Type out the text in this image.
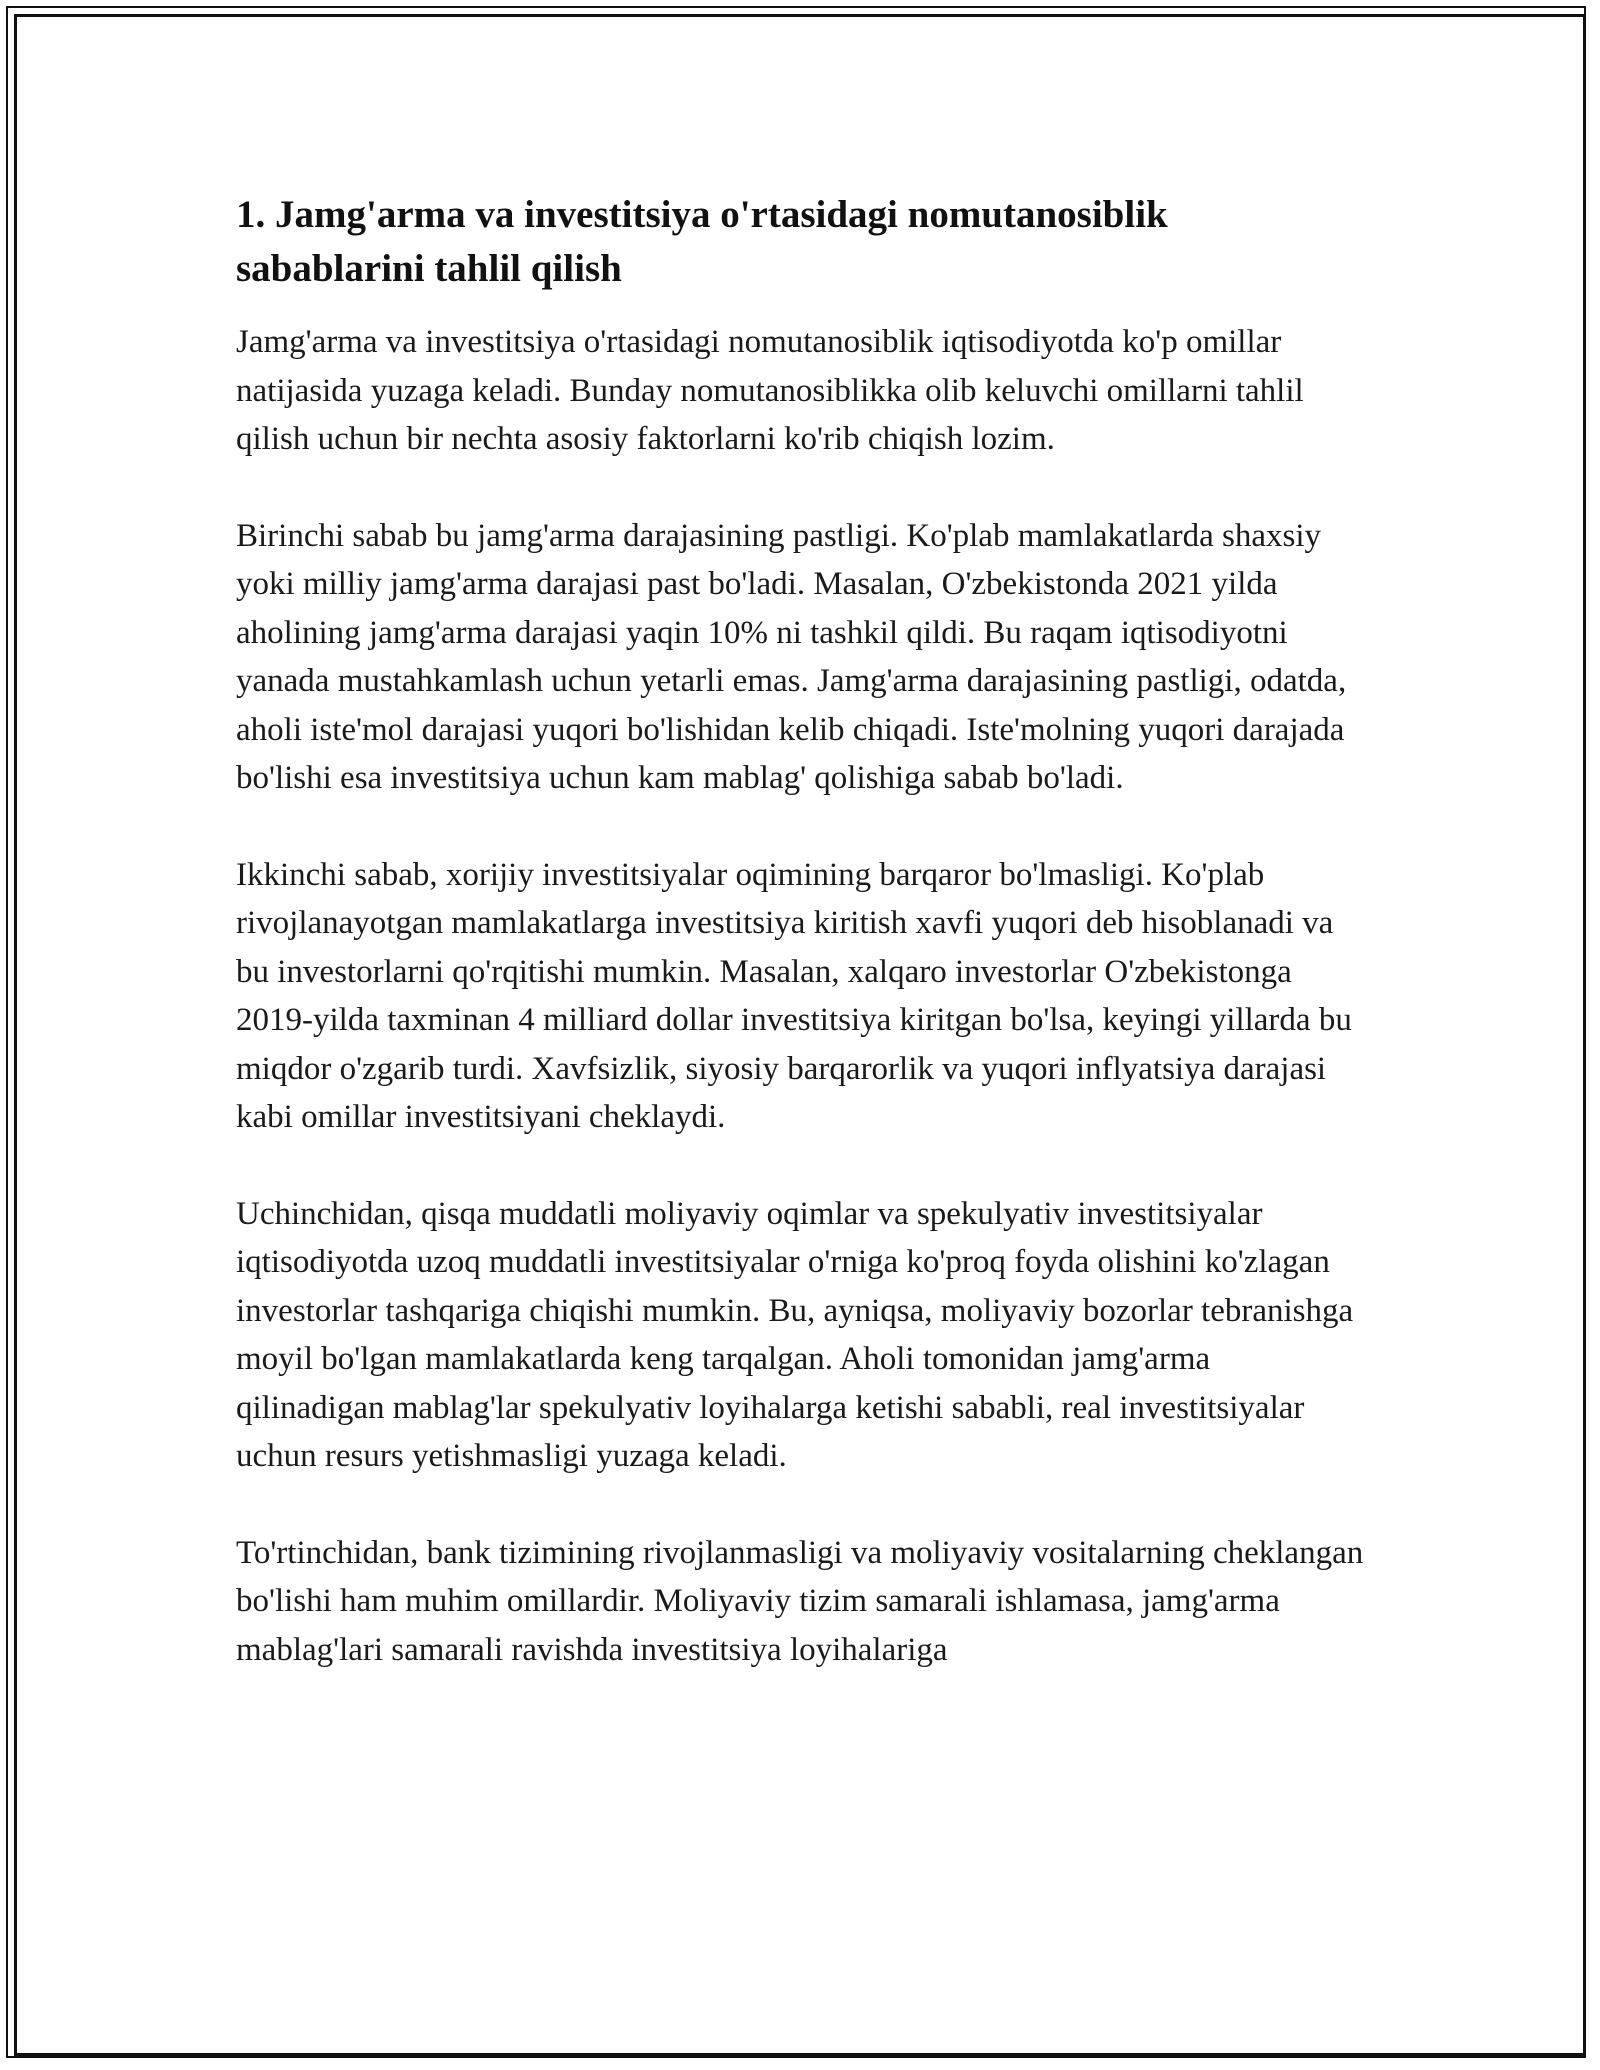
1. Jamg'arma va investitsiya o'rtasidagi nomutanosiblik sabablarini tahlil qilish

Jamg'arma va investitsiya o'rtasidagi nomutanosiblik iqtisodiyotda ko'p omillar natijasida yuzaga keladi. Bunday nomutanosiblikka olib keluvchi omillarni tahlil qilish uchun bir nechta asosiy faktorlarni ko'rib chiqish lozim.

Birinchi sabab bu jamg'arma darajasining pastligi. Ko'plab mamlakatlarda shaxsiy yoki milliy jamg'arma darajasi past bo'ladi. Masalan, O'zbekistonda 2021 yilda aholining jamg'arma darajasi yaqin 10% ni tashkil qildi. Bu raqam iqtisodiyotni yanada mustahkamlash uchun yetarli emas. Jamg'arma darajasining pastligi, odatda, aholi iste'mol darajasi yuqori bo'lishidan kelib chiqadi. Iste'molning yuqori darajada bo'lishi esa investitsiya uchun kam mablag' qolishiga sabab bo'ladi.

Ikkinchi sabab, xorijiy investitsiyalar oqimining barqaror bo'lmasligi. Ko'plab rivojlanayotgan mamlakatlarga investitsiya kiritish xavfi yuqori deb hisoblanadi va bu investorlarni qo'rqitishi mumkin. Masalan, xalqaro investorlar O'zbekistonga 2019-yilda taxminan 4 milliard dollar investitsiya kiritgan bo'lsa, keyingi yillarda bu miqdor o'zgarib turdi. Xavfsizlik, siyosiy barqarorlik va yuqori inflyatsiya darajasi kabi omillar investitsiyani cheklaydi.

Uchinchidan, qisqa muddatli moliyaviy oqimlar va spekulyativ investitsiyalar iqtisodiyotda uzoq muddatli investitsiyalar o'rniga ko'proq foyda olishini ko'zlagan investorlar tashqariga chiqishi mumkin. Bu, ayniqsa, moliyaviy bozorlar tebranishga moyil bo'lgan mamlakatlarda keng tarqalgan. Aholi tomonidan jamg'arma qilinadigan mablag'lar spekulyativ loyihalarga ketishi sababli, real investitsiyalar uchun resurs yetishmasligi yuzaga keladi.

To'rtinchidan, bank tizimining rivojlanmasligi va moliyaviy vositalarning cheklangan bo'lishi ham muhim omillardir. Moliyaviy tizim samarali ishlamasa, jamg'arma mablag'lari samarali ravishda investitsiya loyihalariga
